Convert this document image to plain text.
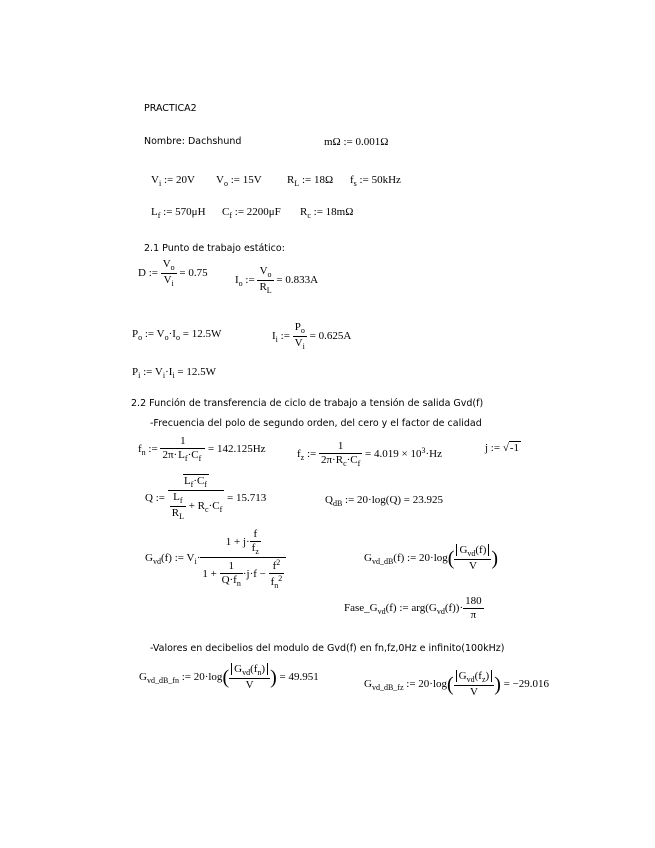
PRACTICA2
Nombre: Dachshund	mΩ := 0.001Ω
$V_i$ := 20V $V_o$ := 15V $R_L$ := 18Ω $f_s$ := 50kHz
$L_f$ := 570μH $C_f$ := 2200μF $R_c$ := 18mΩ
2.1 Punto de trabajo estático:
D := $\frac{V_o}{V_i} = 0.75$
$I_o$ := $\frac{V_o}{R_L} = 0.833A$
$P_o$ := $V_o\cdot I_o = 12.5W$	$I_i$ := $\frac{P_o}{V_i} = 0.625A$
$P_i$ := $V_i\cdot I_i = 12.5W$
2.2 Función de transferencia de ciclo de trabajo a tensión de salida Gvd(f)
-Frecuencia del polo de segundo orden, del cero y el factor de calidad
$f_n$ := $\frac{1}{2\pi\cdot L_f\cdot C_f} = 142.125Hz$	$f_z$ := $\frac{1}{2\pi\cdot R_c\cdot C_f} = 4.019 \times 10^3\cdot Hz$
j := √-1
Q := $\frac{L_f\cdot C_f}{\frac{L_f}{R_L} + R_c\cdot C_f} = 15.713$	$Q_{dB}$ := 20·log(Q) = 23.925
$G_{vd}(f)$ := $V_i\cdot \frac{1 + j\cdot \frac{f}{f_z}}{1 + \frac{1}{Q\cdot f_n} \cdot j\cdot f - \frac{f^2}{f_n^2}}$	$G_{vd\_dB}(f)$ := $20\cdot\log( \frac{G_{vd}(f)}{V}$ )
$Fase\_G_{vd}(f)$ := $arg(G_{vd}(f))\cdot \frac{180}{\pi}$
-Valores en decibelios del modulo de Gvd(f) en fn,fz,0Hz e infinito(100kHz)
$G_{vd\_dB\_fn}$ := $20\cdot\log( \frac{G_{vd}(f_n)}{V}$ ) = 49.951
$G_{vd\_dB\_fz}$ := $20\cdot\log( \frac{G_{vd}(f_z)}{V}$ ) = −29.016
